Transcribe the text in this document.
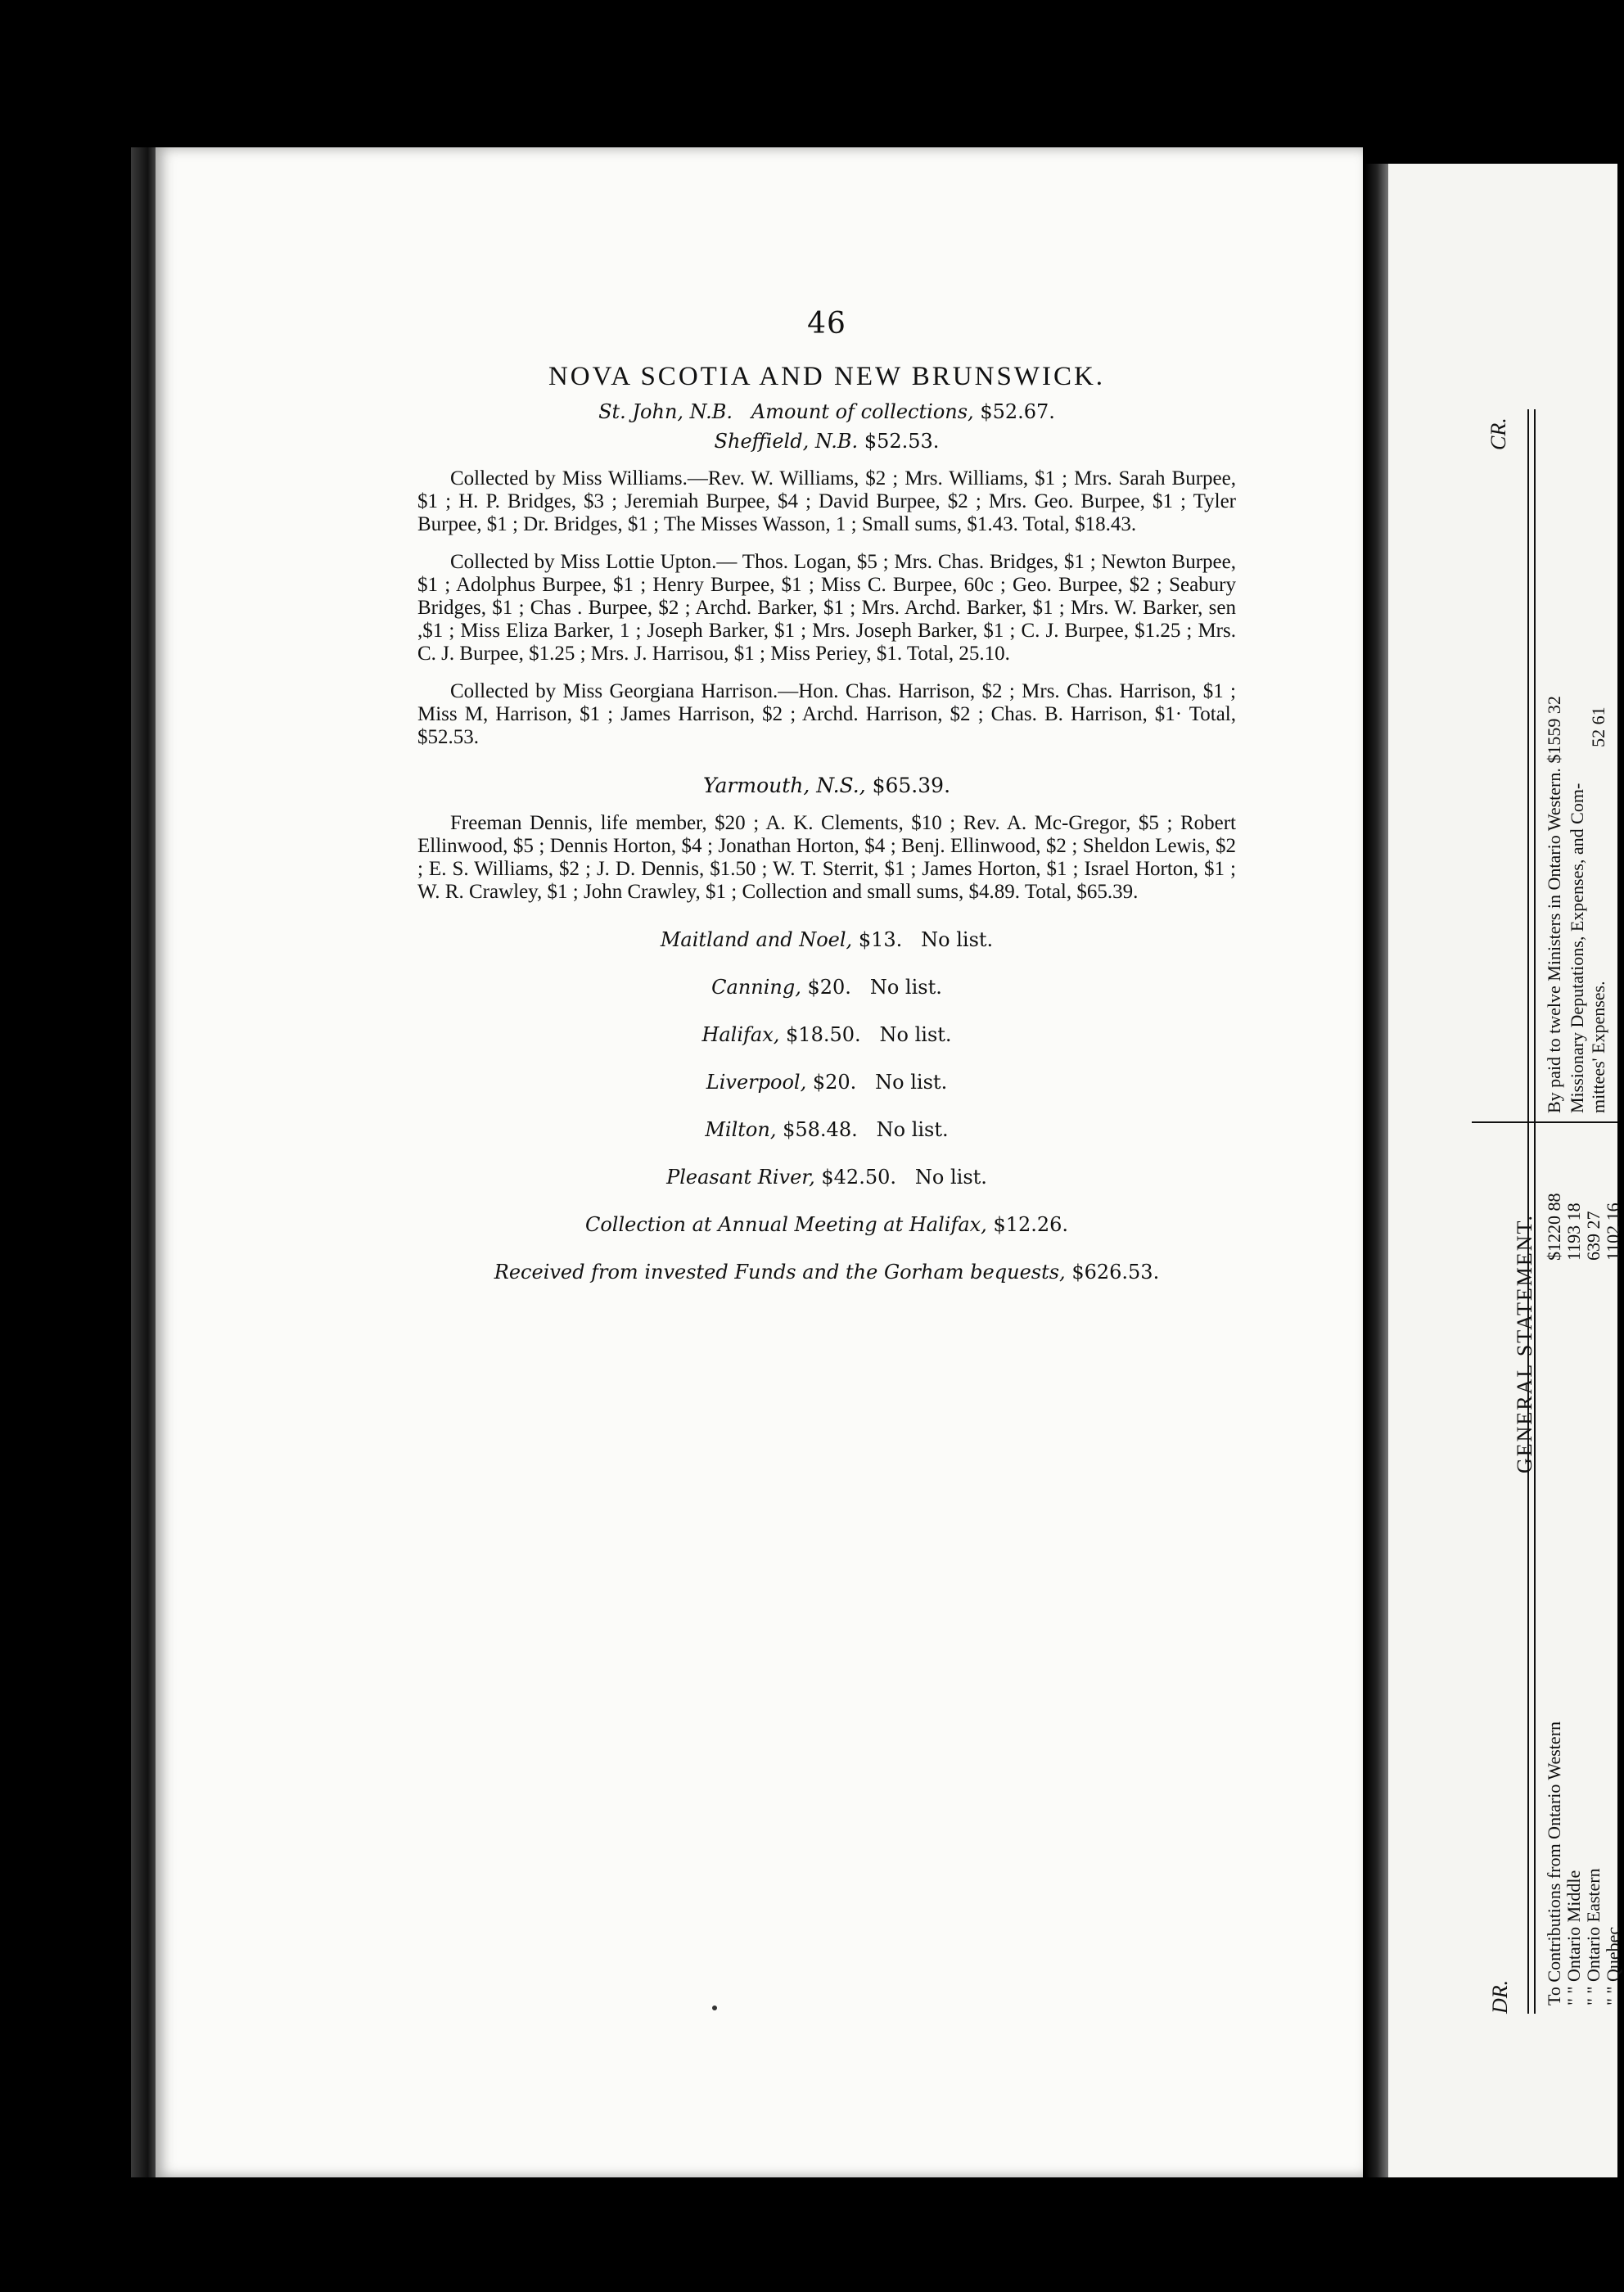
46
NOVA SCOTIA AND NEW BRUNSWICK.
St. John, N.B. Amount of collections, $52.67.
Sheffield, N.B. $52.53.

Collected by Miss Williams.—Rev. W. Williams, $2 ; Mrs. Williams, $1 ; Mrs. Sarah Burpee, $1 ; H. P. Bridges, $3 ; Jeremiah Burpee, $4 ; David Burpee, $2 ; Mrs. Geo. Burpee, $1 ; Tyler Burpee, $1 ; Dr. Bridges, $1 ; The Misses Wasson, 1 ; Small sums, $1.43. Total, $18.43.

Collected by Miss Lottie Upton.— Thos. Logan, $5 ; Mrs. Chas. Bridges, $1 ; Newton Burpee, $1 ; Adolphus Burpee, $1 ; Henry Burpee, $1 ; Miss C. Burpee, 60c ; Geo. Burpee, $2 ; Seabury Bridges, $1 ; Chas . Burpee, $2 ; Archd. Barker, $1 ; Mrs. Archd. Barker, $1 ; Mrs. W. Barker, sen ,$1 ; Miss Eliza Barker, 1 ; Joseph Barker, $1 ; Mrs. Joseph Barker, $1 ; C. J. Burpee, $1.25 ; Mrs. C. J. Burpee, $1.25 ; Mrs. J. Harrisou, $1 ; Miss Periey, $1. Total, 25.10.

Collected by Miss Georgiana Harrison.—Hon. Chas. Harrison, $2 ; Mrs. Chas. Harrison, $1 ; Miss M, Harrison, $1 ; James Harrison, $2 ; Archd. Harrison, $2 ; Chas. B. Harrison, $1· Total, $52.53.

Yarmouth, N.S., $65.39.

Freeman Dennis, life member, $20 ; A. K. Clements, $10 ; Rev. A. Mc-Gregor, $5 ; Robert Ellinwood, $5 ; Dennis Horton, $4 ; Jonathan Horton, $4 ; Benj. Ellinwood, $2 ; Sheldon Lewis, $2 ; E. S. Williams, $2 ; J. D. Dennis, $1.50 ; W. T. Sterrit, $1 ; James Horton, $1 ; Israel Horton, $1 ; W. R. Crawley, $1 ; John Crawley, $1 ; Collection and small sums, $4.89. Total, $65.39.

Maitland and Noel, $13. No list.
Canning, $20. No list.
Halifax, $18.50. No list.
Liverpool, $20. No list.
Milton, $58.48. No list.
Pleasant River, $42.50. No list.
Collection at Annual Meeting at Halifax, $12.26.
Received from invested Funds and the Gorham bequests, $626.53.
CR.
GENERAL STATEMENT.
DR.
By paid to twelve Ministers in Ontario Western. $1559 32
Missionary Deputations, Expenses, and Com- mittees' Expenses. 52 61
To Contributions from Ontario Western " " Ontario Middle " " Ontario Eastern " " Quebec
$1220 88 1193 18 639 27 1102 16
